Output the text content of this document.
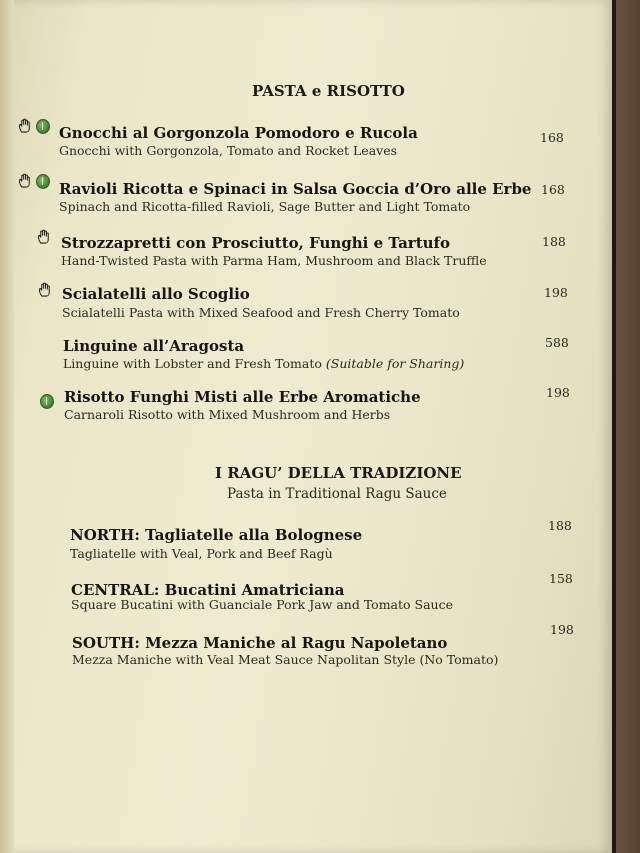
PASTA e RISOTTO
Gnocchi al Gorgonzola Pomodoro e Rucola
Gnocchi with Gorgonzola, Tomato and Rocket Leaves
168
Ravioli Ricotta e Spinaci in Salsa Goccia d’Oro alle Erbe
Spinach and Ricotta-filled Ravioli, Sage Butter and Light Tomato
168
Strozzapretti con Prosciutto, Funghi e Tartufo
Hand-Twisted Pasta with Parma Ham, Mushroom and Black Truffle
188
Scialatelli allo Scoglio
Scialatelli Pasta with Mixed Seafood and Fresh Cherry Tomato
198
Linguine all’Aragosta
Linguine with Lobster and Fresh Tomato (Suitable for Sharing)
588
Risotto Funghi Misti alle Erbe Aromatiche
Carnaroli Risotto with Mixed Mushroom and Herbs
198
I RAGU’ DELLA TRADIZIONE
Pasta in Traditional Ragu Sauce
NORTH: Tagliatelle alla Bolognese
Tagliatelle with Veal, Pork and Beef Ragù
188
CENTRAL: Bucatini Amatriciana
Square Bucatini with Guanciale Pork Jaw and Tomato Sauce
158
SOUTH: Mezza Maniche al Ragu Napoletano
Mezza Maniche with Veal Meat Sauce Napolitan Style (No Tomato)
198
